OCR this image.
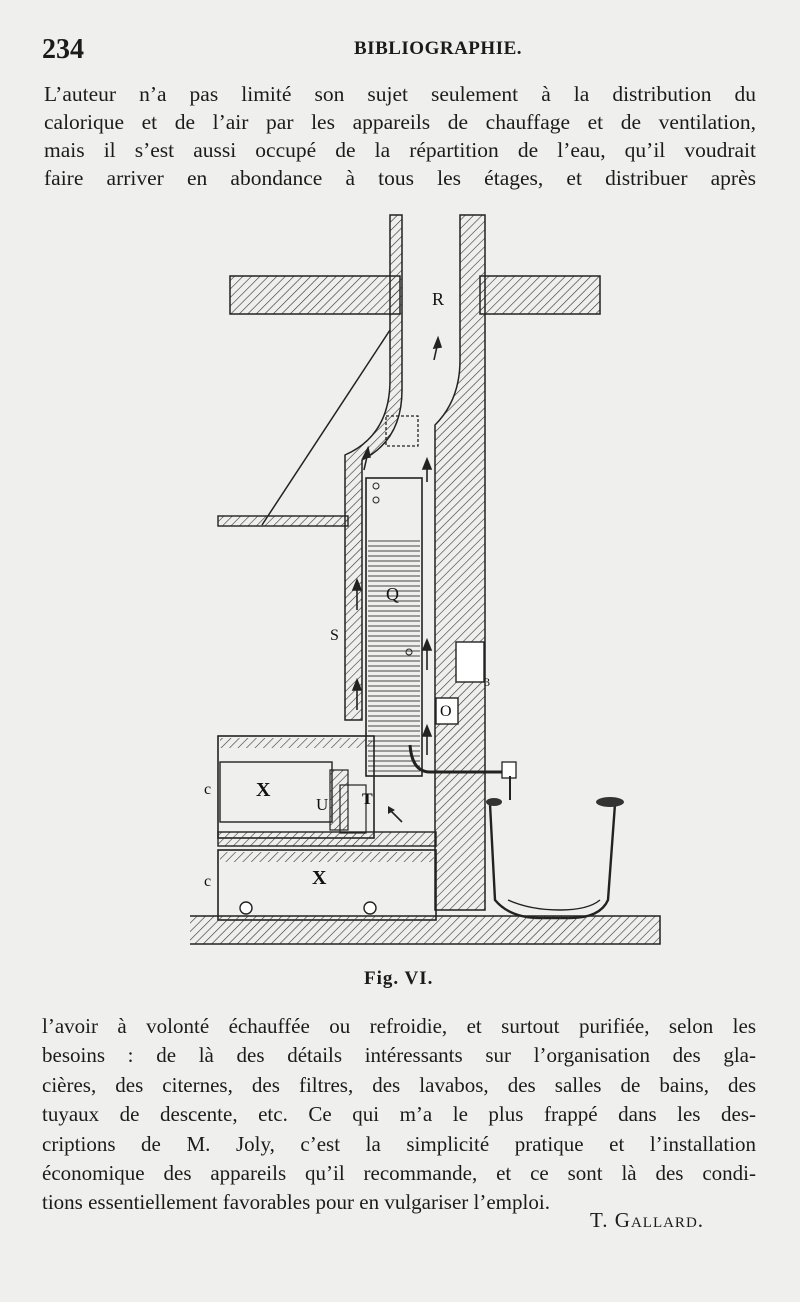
234	BIBLIOGRAPHIE.

L’auteur n’a pas limité son sujet seulement à la distribution du
calorique et de l’air par les appareils de chauffage et de ventilation,
mais il s’est aussi occupé de la répartition de l’eau, qu’il voudrait
faire arriver en abondance à tous les étages, et distribuer après

R
S
Q
O
3
X
X
U T
c
c
Fig. VI.

l’avoir à volonté échauffée ou refroidie, et surtout purifiée, selon les
besoins : de là des détails intéressants sur l’organisation des gla-
cières, des citernes, des filtres, des lavabos, des salles de bains, des
tuyaux de descente, etc. Ce qui m’a le plus frappé dans les des-
criptions de M. Joly, c’est la simplicité pratique et l’installation
économique des appareils qu’il recommande, et ce sont là des condi-
tions essentiellement favorables pour en vulgariser l’emploi.

T. Gallard.
